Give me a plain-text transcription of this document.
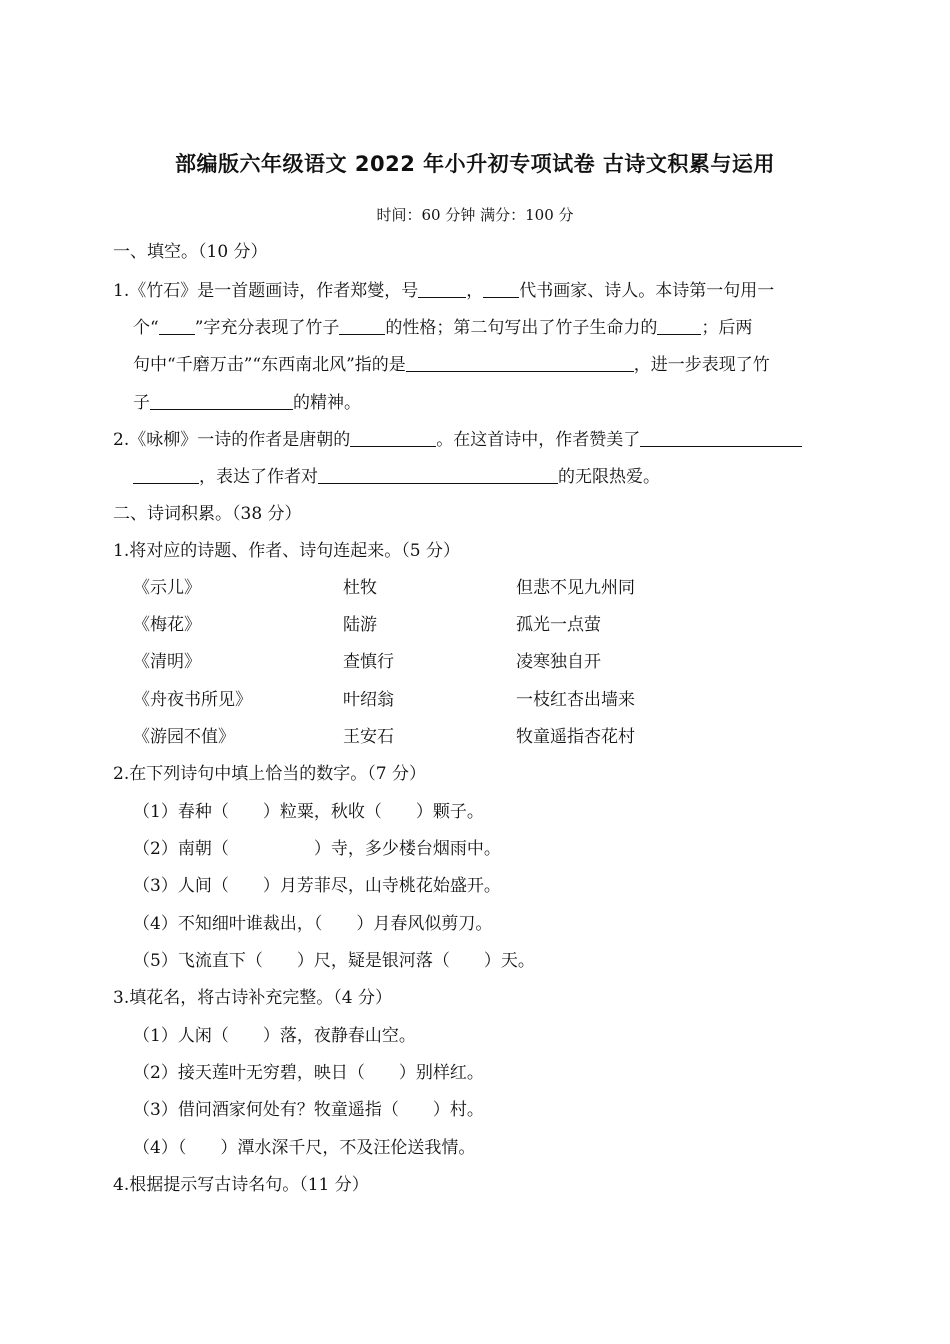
部编版六年级语文 2022 年小升初专项试卷 古诗文积累与运用
时间：60 分钟 满分：100 分
一、填空。（10 分）
1.《竹石》是一首题画诗，作者郑燮，号	， 代书画家、诗人。本诗第一句用一
个“ ”字充分表现了竹子	的性格；第二句写出了竹子生命力的	；后两
句中“千磨万击”“东西南北风”指的是	，进一步表现了竹
子	的精神。
2.《咏柳》一诗的作者是唐朝的	。在这首诗中，作者赞美了
，表达了作者对	的无限热爱。
二、诗词积累。（38 分）
1.将对应的诗题、作者、诗句连起来。（5 分）
《示儿》	杜牧	但悲不见九州同
《梅花》	陆游	孤光一点萤
《清明》	查慎行	凌寒独自开
《舟夜书所见》	叶绍翁	一枝红杏出墙来
《游园不值》	王安石	牧童遥指杏花村
2.在下列诗句中填上恰当的数字。（7 分）
（1）春种（　　）粒粟，秋收（　　）颗子。
（2）南朝（　　　　　）寺，多少楼台烟雨中。
（3）人间（　　）月芳菲尽，山寺桃花始盛开。
（4）不知细叶谁裁出，（　　）月春风似剪刀。
（5）飞流直下（　　）尺，疑是银河落（　　）天。
3.填花名，将古诗补充完整。（4 分）
（1）人闲（　　）落，夜静春山空。
（2）接天莲叶无穷碧，映日（　　）别样红。
（3）借问酒家何处有？牧童遥指（　　）村。
（4）（　　）潭水深千尺，不及汪伦送我情。
4.根据提示写古诗名句。（11 分）
